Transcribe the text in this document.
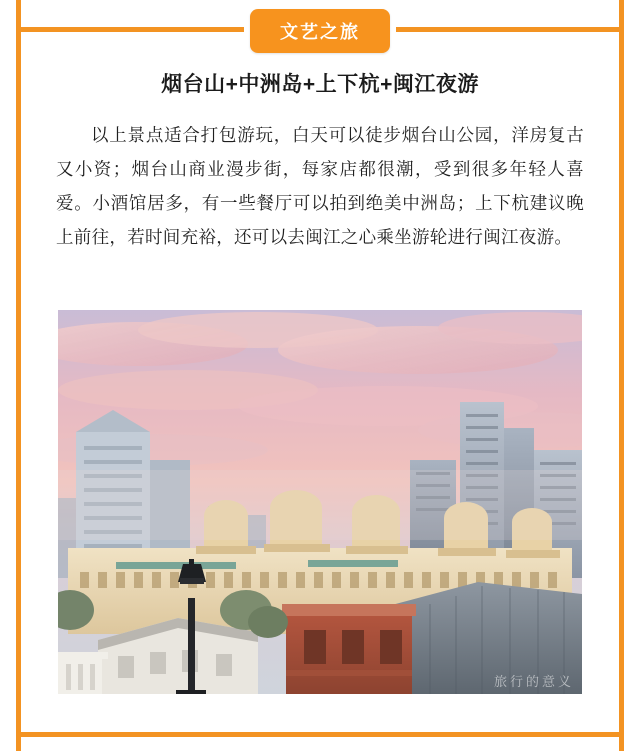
文艺之旅
烟台山+中洲岛+上下杭+闽江夜游
以上景点适合打包游玩，白天可以徒步烟台山公园，洋房复古又小资；烟台山商业漫步街，每家店都很潮，受到很多年轻人喜爱。小酒馆居多，有一些餐厅可以拍到绝美中洲岛；上下杭建议晚上前往，若时间充裕，还可以去闽江之心乘坐游轮进行闽江夜游。
旅行的意义
